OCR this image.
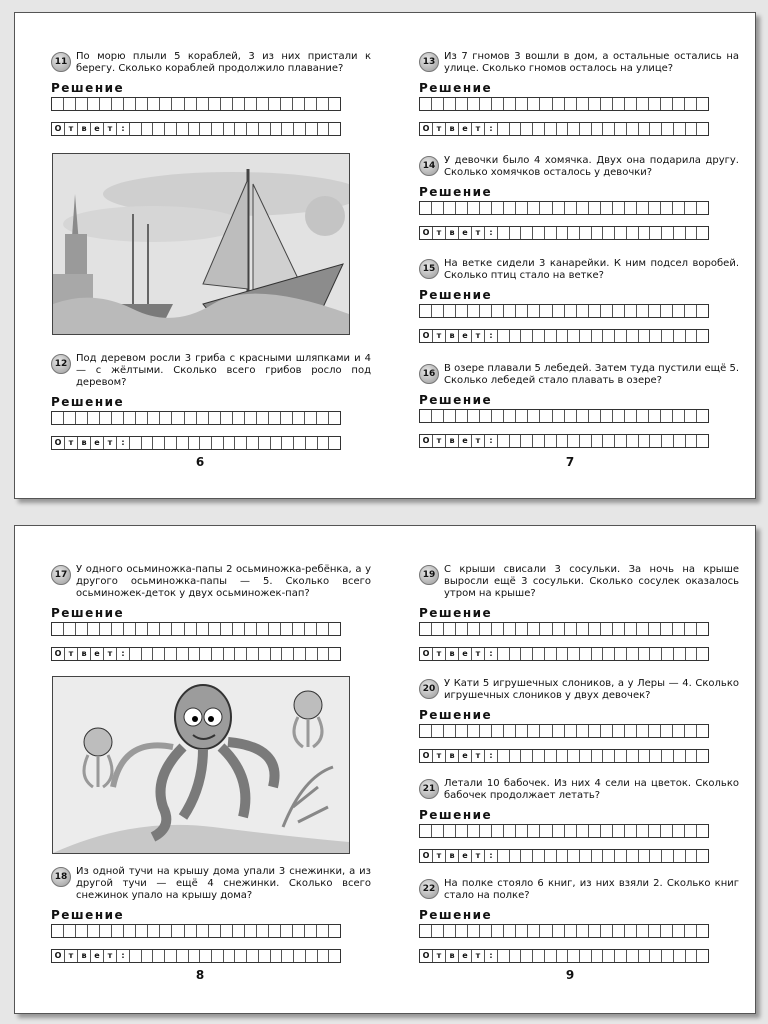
11 По морю плыли 5 кораблей, 3 из них пристали к берегу. Сколько кораблей продолжило плавание?

Решение
О т	в е т	:
12 Под деревом росли 3 гриба с красными шляпками и 4 — с жёлтыми. Сколько всего грибов росло под деревом?

Решение
О т	в е т	:
6
13 Из 7 гномов 3 вошли в дом, а остальные остались на улице. Сколько гномов осталось на улице?

Решение
О т	в е т	:
14 У девочки было 4 хомячка. Двух она подарила другу. Сколько хомячков осталось у девочки?

Решение
О т	в е т	:
15 На ветке сидели 3 канарейки. К ним подсел воробей. Сколько птиц стало на ветке?

Решение
О т	в е т	:
16 В озере плавали 5 лебедей. Затем туда пустили ещё 5. Сколько лебедей стало плавать в озере?

Решение
О т	в е т	:
7
17 У одного осьминожка-папы 2 осьминожка-ребёнка, а у другого осьминожка-папы — 5. Сколько всего осьминожек-деток у двух осьминожек-пап?

Решение
О т	в е т	:
18 Из одной тучи на крышу дома упали 3 снежинки, а из другой тучи — ещё 4 снежинки. Сколько всего снежинок упало на крышу дома?

Решение
О т	в е т	:
8
19 С крыши свисали 3 сосульки. За ночь на крыше выросли ещё 3 сосульки. Сколько сосулек оказалось утром на крыше?

Решение
О т	в е т	:
20 У Кати 5 игрушечных слоников, а у Леры — 4. Сколько игрушечных слоников у двух девочек?

Решение
О т	в е т	:
21 Летали 10 бабочек. Из них 4 сели на цветок. Сколько бабочек продолжает летать?

Решение
О т	в е т	:
22 На полке стояло 6 книг, из них взяли 2. Сколько книг стало на полке?

Решение
О т	в е т	:
9
